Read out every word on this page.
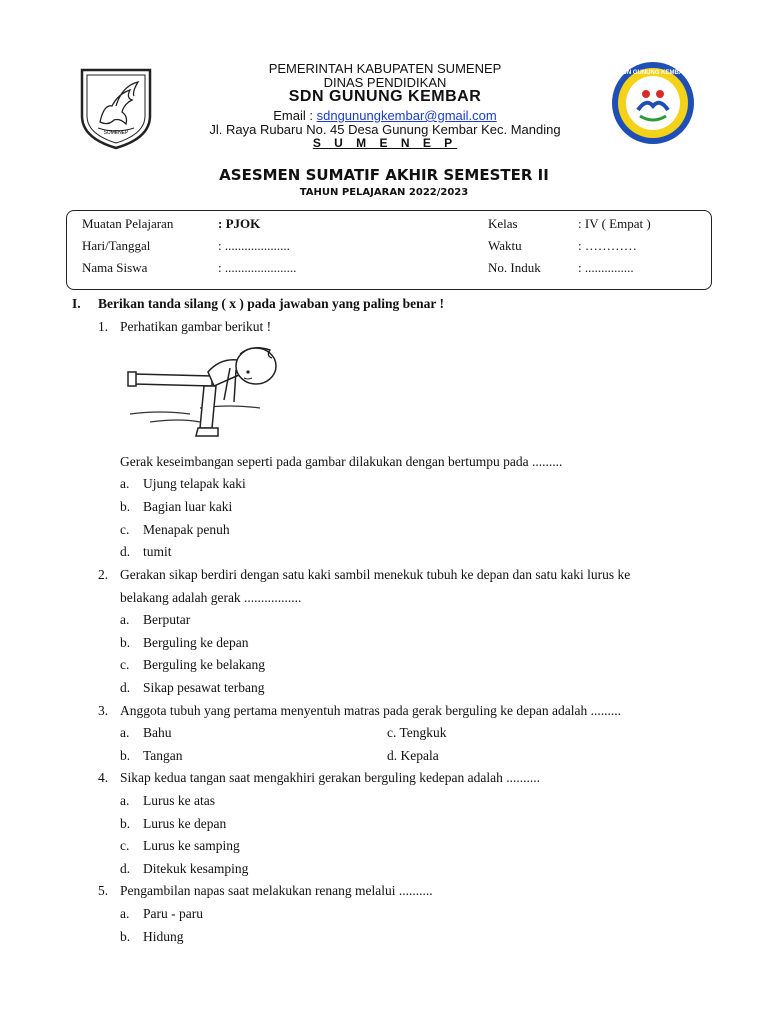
SUMENEP
SDN GUNUNG KEMBAR
PEMERINTAH KABUPATEN SUMENEP
DINAS PENDIDIKAN
SDN GUNUNG KEMBAR
Email : sdngunungkembar@gmail.com
Jl. Raya Rubaru No. 45 Desa Gunung Kembar Kec. Manding
S U M E N E P
ASESMEN SUMATIF AKHIR SEMESTER II
TAHUN PELAJARAN 2022/2023
Muatan Pelajaran	: PJOK
Hari/Tanggal	: ....................
Nama Siswa	: ......................
Kelas	: IV ( Empat )
Waktu	: …………
No. Induk	: ...............
I. Berikan tanda silang ( x ) pada jawaban yang paling benar !
1. Perhatikan gambar berikut !
Gerak keseimbangan seperti pada gambar dilakukan dengan bertumpu pada .........
a. Ujung telapak kaki
b. Bagian luar kaki
c. Menapak penuh
d. tumit
2. Gerakan sikap berdiri dengan satu kaki sambil menekuk tubuh ke depan dan satu kaki lurus ke
belakang adalah gerak .................
a. Berputar
b. Berguling ke depan
c. Berguling ke belakang
d. Sikap pesawat terbang
3. Anggota tubuh yang pertama menyentuh matras pada gerak berguling ke depan adalah .........
a. Bahu
b. Tangan
c. Tengkuk
d. Kepala
4. Sikap kedua tangan saat mengakhiri gerakan berguling kedepan adalah ..........
a. Lurus ke atas
b. Lurus ke depan
c. Lurus ke samping
d. Ditekuk kesamping
5. Pengambilan napas saat melakukan renang melalui ..........
a. Paru - paru
b. Hidung
